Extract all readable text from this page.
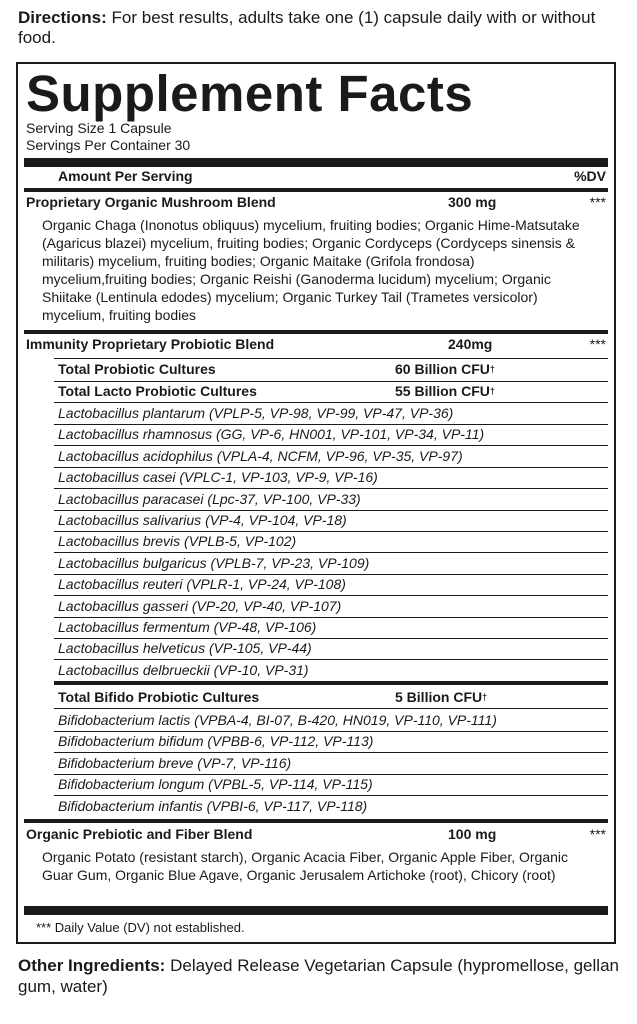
Directions: For best results, adults take one (1) capsule daily with or without food.
Supplement Facts
Serving Size 1 Capsule
Servings Per Container 30
Amount Per Serving	%DV
Proprietary Organic Mushroom Blend	300 mg	***
Organic Chaga (Inonotus obliquus) mycelium, fruiting bodies; Organic Hime-Matsutake (Agaricus blazei) mycelium, fruiting bodies; Organic Cordyceps (Cordyceps sinensis & militaris) mycelium, fruiting bodies; Organic Maitake (Grifola frondosa) mycelium,fruiting bodies; Organic Reishi (Ganoderma lucidum) mycelium; Organic Shiitake (Lentinula edodes) mycelium; Organic Turkey Tail (Trametes versicolor) mycelium, fruiting bodies
Immunity Proprietary Probiotic Blend	240mg	***
Total Probiotic Cultures	60 Billion CFU†
Total Lacto Probiotic Cultures	55 Billion CFU†
Lactobacillus plantarum (VPLP-5, VP-98, VP-99, VP-47, VP-36)
Lactobacillus rhamnosus (GG, VP-6, HN001, VP-101, VP-34, VP-11)
Lactobacillus acidophilus (VPLA-4, NCFM, VP-96, VP-35, VP-97)
Lactobacillus casei (VPLC-1, VP-103, VP-9, VP-16)
Lactobacillus paracasei (Lpc-37, VP-100, VP-33)
Lactobacillus salivarius (VP-4, VP-104, VP-18)
Lactobacillus brevis (VPLB-5, VP-102)
Lactobacillus bulgaricus (VPLB-7, VP-23, VP-109)
Lactobacillus reuteri (VPLR-1, VP-24, VP-108)
Lactobacillus gasseri (VP-20, VP-40, VP-107)
Lactobacillus fermentum (VP-48, VP-106)
Lactobacillus helveticus (VP-105, VP-44)
Lactobacillus delbrueckii (VP-10, VP-31)
Total Bifido Probiotic Cultures	5 Billion CFU†
Bifidobacterium lactis (VPBA-4, BI-07, B-420, HN019, VP-110, VP-111)
Bifidobacterium bifidum (VPBB-6, VP-112, VP-113)
Bifidobacterium breve (VP-7, VP-116)
Bifidobacterium longum (VPBL-5, VP-114, VP-115)
Bifidobacterium infantis (VPBI-6, VP-117, VP-118)
Organic Prebiotic and Fiber Blend	100 mg	***
Organic Potato (resistant starch), Organic Acacia Fiber, Organic Apple Fiber, Organic Guar Gum, Organic Blue Agave, Organic Jerusalem Artichoke (root), Chicory (root)
*** Daily Value (DV) not established.
Other Ingredients: Delayed Release Vegetarian Capsule (hypromellose, gellan gum, water)
